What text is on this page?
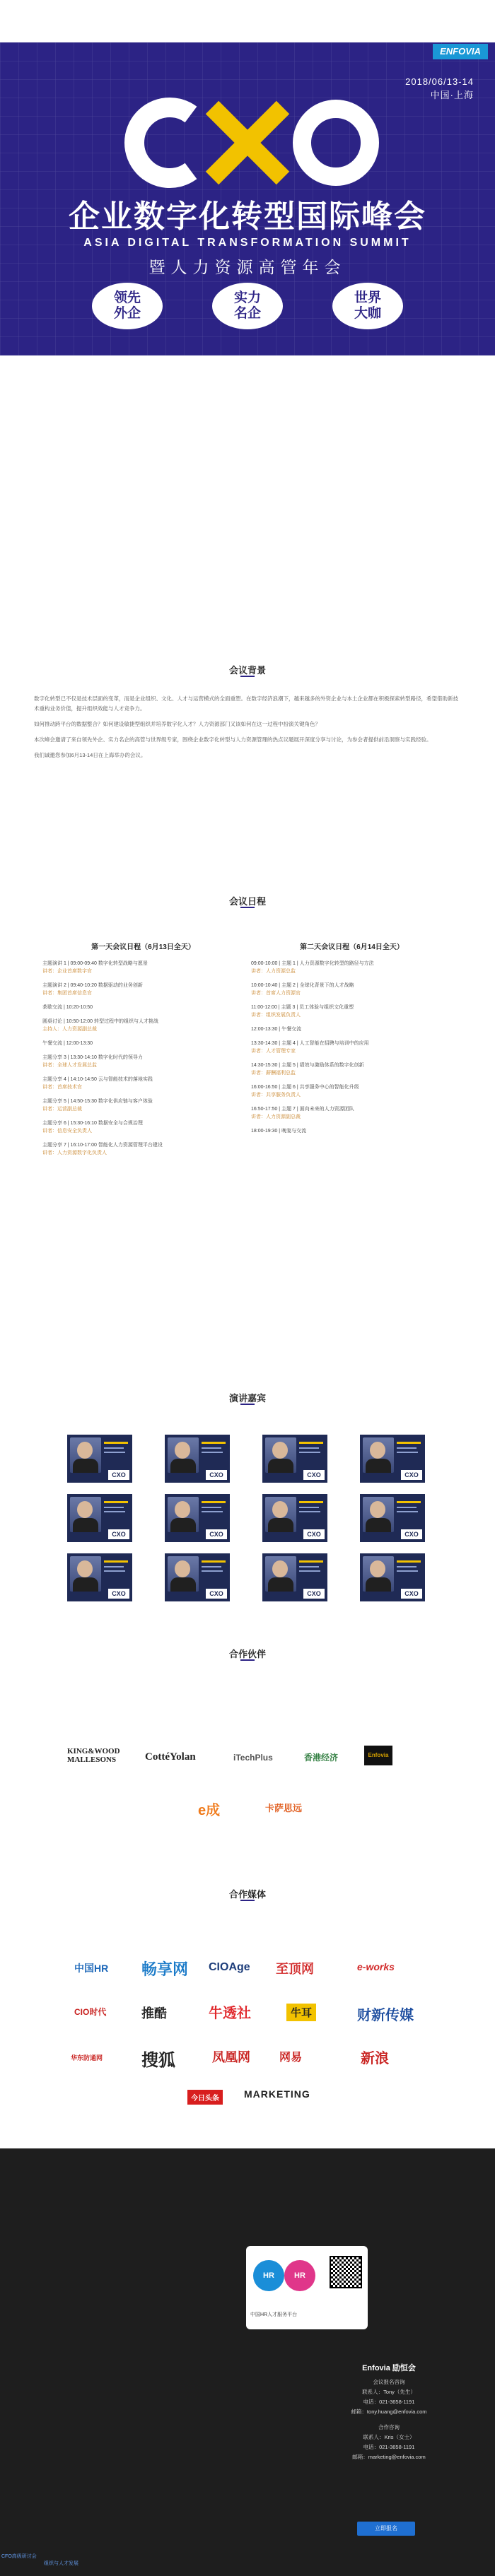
ENFOVIA
2018/06/13-14
中国·上海
企业数字化转型国际峰会
ASIA DIGITAL TRANSFORMATION SUMMIT
暨人力资源高管年会
领先
外企
实力
名企
世界
大咖
会议背景

数字化转型已不仅是技术层面的变革，而是企业组织、文化、人才与运营模式的全面重塑。在数字经济浪潮下，越来越多的外资企业与本土企业都在积极探索转型路径，希望借助新技术重构业务价值，提升组织效能与人才竞争力。

如何推动跨平台的数据整合？如何建设敏捷型组织并培养数字化人才？人力资源部门又该如何在这一过程中扮演关键角色？

本次峰会邀请了来自领先外企、实力名企的高管与世界级专家，围绕企业数字化转型与人力资源管理的热点议题展开深度分享与讨论，为参会者提供前沿洞察与实践经验。

我们诚邀您参加6月13-14日在上海举办的会议。

会议日程
第一天会议日程（6月13日全天）
主题演讲 1 | 09:00-09:40 数字化转型战略与愿景
讲者：企业首席数字官
主题演讲 2 | 09:40-10:20 数据驱动的业务创新
讲者：集团首席信息官
茶歇交流 | 10:20-10:50
圆桌讨论 | 10:50-12:00 转型过程中的组织与人才挑战
主持人：人力资源副总裁
午餐交流 | 12:00-13:30
主题分享 3 | 13:30-14:10 数字化时代的领导力
讲者：全球人才发展总监
主题分享 4 | 14:10-14:50 云与智能技术的落地实践
讲者：首席技术官
主题分享 5 | 14:50-15:30 数字化供应链与客户体验
讲者：运营副总裁
主题分享 6 | 15:30-16:10 数据安全与合规治理
讲者：信息安全负责人
主题分享 7 | 16:10-17:00 智能化人力资源管理平台建设
讲者：人力资源数字化负责人
第二天会议日程（6月14日全天）
09:00-10:00 | 主题 1 | 人力资源数字化转型的路径与方法
讲者：人力资源总监
10:00-10:40 | 主题 2 | 全球化背景下的人才战略
讲者：首席人力资源官
11:00-12:00 | 主题 3 | 员工体验与组织文化重塑
讲者：组织发展负责人
12:00-13:30 | 午餐交流
13:30-14:30 | 主题 4 | 人工智能在招聘与培训中的应用
讲者：人才管理专家
14:30-15:30 | 主题 5 | 绩效与激励体系的数字化创新
讲者：薪酬福利总监
16:00-16:50 | 主题 6 | 共享服务中心的智能化升级
讲者：共享服务负责人
16:50-17:50 | 主题 7 | 面向未来的人力资源团队
讲者：人力资源副总裁
18:00-19:30 | 晚宴与交流
演讲嘉宾
CXO	CXO	CXO	CXO
CXO	CXO	CXO	CXO
CXO	CXO	CXO	CXO
合作伙伴
KING&WOOD MALLESONS	CottéYolan	iTechPlus	香港经济	Enfovia
e成	卡萨思远
合作媒体
中国HR 畅享网 CIOAge 至顶网	e-works
CIO时代	推酷	牛透社	牛耳	财新传媒
华东防通网 搜狐	凤凰网	网易	新浪
今日头条	MARKETING
HR	HR
中国HR人才服务平台
Enfovia 励恒会
会议报名咨询
联系人：Tony（先生）
电话：021-3658-1191
邮箱：tony.huang@enfovia.com
合作咨询
联系人：Kris（女士）
电话：021-3658-1191
邮箱：marketing@enfovia.com
立即报名
CFO高级研讨会
组织与人才发展
